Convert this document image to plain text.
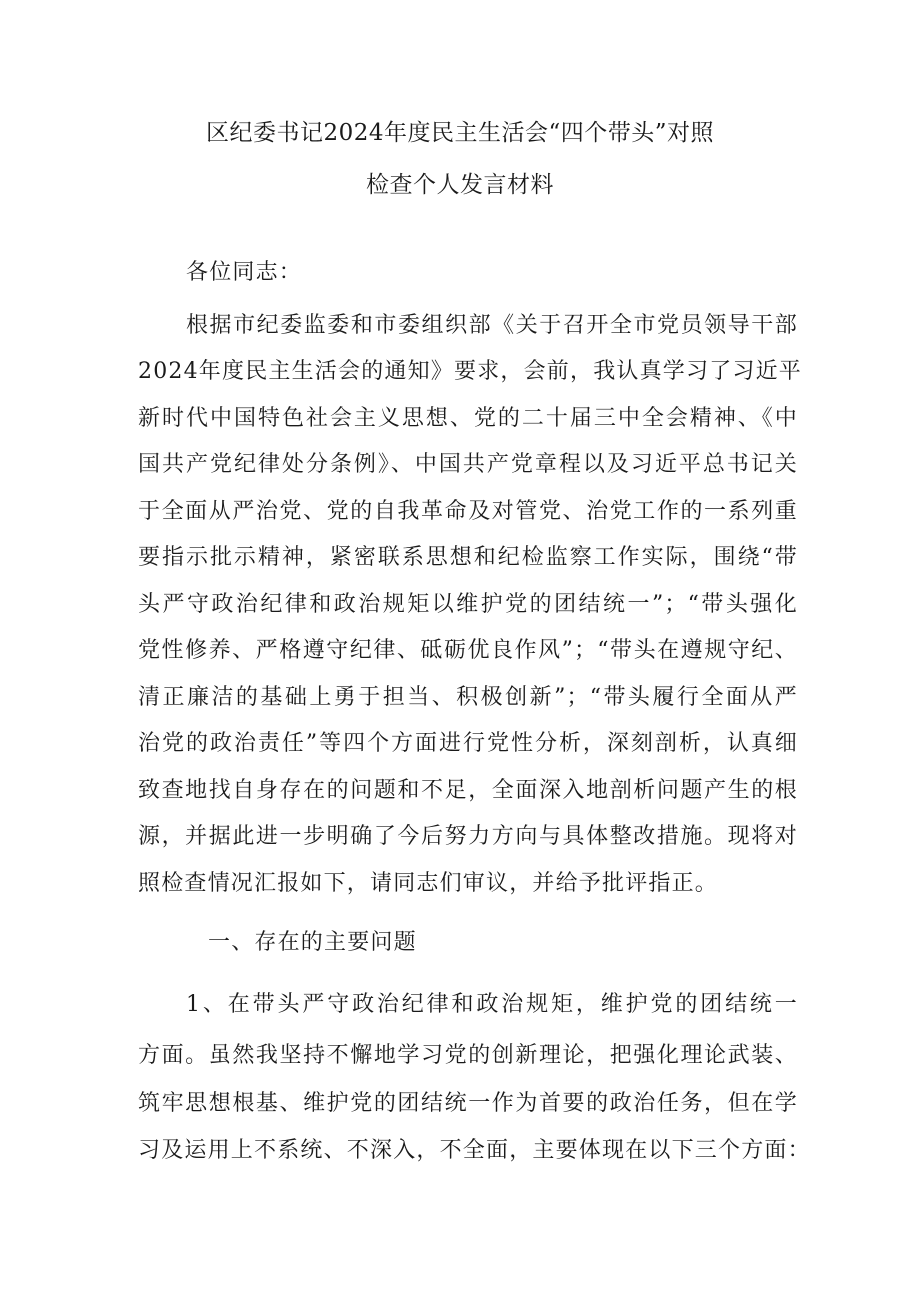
区纪委书记2024年度民主生活会“四个带头”对照
检查个人发言材料
各位同志：
根据市纪委监委和市委组织部《关于召开全市党员领导干部
2024年度民主生活会的通知》要求，会前，我认真学习了习近平
新时代中国特色社会主义思想、党的二十届三中全会精神、《中
国共产党纪律处分条例》、中国共产党章程以及习近平总书记关
于全面从严治党、党的自我革命及对管党、治党工作的一系列重
要指示批示精神，紧密联系思想和纪检监察工作实际，围绕“带
头严守政治纪律和政治规矩以维护党的团结统一”；“带头强化
党性修养、严格遵守纪律、砥砺优良作风”；“带头在遵规守纪、
清正廉洁的基础上勇于担当、积极创新”；“带头履行全面从严
治党的政治责任”等四个方面进行党性分析，深刻剖析，认真细
致查地找自身存在的问题和不足，全面深入地剖析问题产生的根
源，并据此进一步明确了今后努力方向与具体整改措施。现将对
照检查情况汇报如下，请同志们审议，并给予批评指正。
一、存在的主要问题
1、在带头严守政治纪律和政治规矩，维护党的团结统一
方面。虽然我坚持不懈地学习党的创新理论，把强化理论武装、
筑牢思想根基、维护党的团结统一作为首要的政治任务，但在学
习及运用上不系统、不深入，不全面，主要体现在以下三个方面：
